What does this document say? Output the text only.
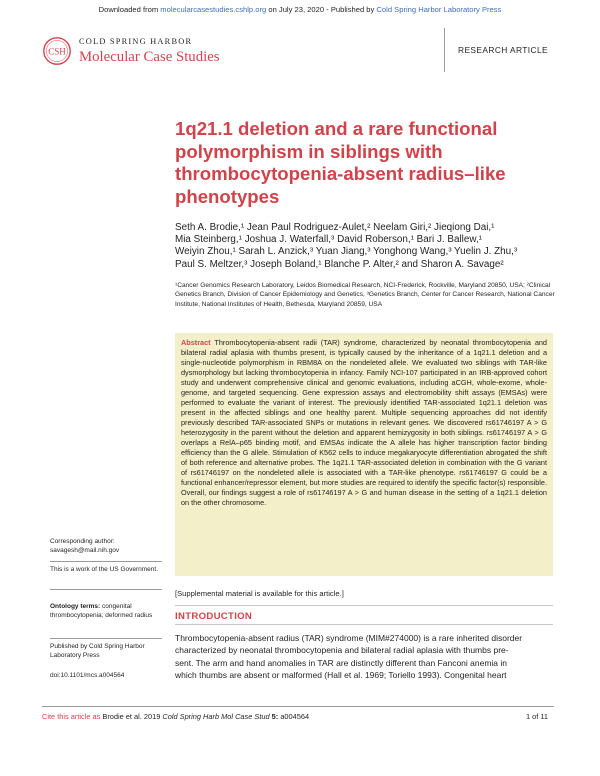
Downloaded from molecularcasestudies.cshlp.org on July 23, 2020 - Published by Cold Spring Harbor Laboratory Press
CSH
COLD SPRING HARBOR
Molecular Case Studies	RESEARCH ARTICLE
1q21.1 deletion and a rare functional polymorphism in siblings with thrombocytopenia-absent radius–like phenotypes
Seth A. Brodie,¹ Jean Paul Rodriguez-Aulet,² Neelam Giri,² Jieqiong Dai,¹
Mia Steinberg,¹ Joshua J. Waterfall,³ David Roberson,¹ Bari J. Ballew,¹
Weiyin Zhou,¹ Sarah L. Anzick,³ Yuan Jiang,³ Yonghong Wang,³ Yuelin J. Zhu,³
Paul S. Meltzer,³ Joseph Boland,¹ Blanche P. Alter,² and Sharon A. Savage²
¹Cancer Genomics Research Laboratory, Leidos Biomedical Research, NCI-Frederick, Rockville, Maryland 20850, USA; ²Clinical Genetics Branch, Division of Cancer Epidemiology and Genetics, ³Genetics Branch, Center for Cancer Research, National Cancer Institute, National Institutes of Health, Bethesda, Maryland 20859, USA
Abstract Thrombocytopenia-absent radii (TAR) syndrome, characterized by neonatal thrombocytopenia and bilateral radial aplasia with thumbs present, is typically caused by the inheritance of a 1q21.1 deletion and a single-nucleotide polymorphism in RBM8A on the nondeleted allele. We evaluated two siblings with TAR-like dysmorphology but lacking thrombocytopenia in infancy. Family NCI-107 participated in an IRB-approved cohort study and underwent comprehensive clinical and genomic evaluations, including aCGH, whole-exome, whole-genome, and targeted sequencing. Gene expression assays and electromobility shift assays (EMSAs) were performed to evaluate the variant of interest. The previously identified TAR-associated 1q21.1 deletion was present in the affected siblings and one healthy parent. Multiple sequencing approaches did not identify previously described TAR-associated SNPs or mutations in relevant genes. We discovered rs61746197 A > G heterozygosity in the parent without the deletion and apparent hemizygosity in both siblings. rs61746197 A > G overlaps a RelA–p65 binding motif, and EMSAs indicate the A allele has higher transcription factor binding efficiency than the G allele. Stimulation of K562 cells to induce megakaryocyte differentiation abrogated the shift of both reference and alternative probes. The 1q21.1 TAR-associated deletion in combination with the G variant of rs61746197 on the nondeleted allele is associated with a TAR-like phenotype. rs61746197 G could be a functional enhancer/repressor element, but more studies are required to identify the specific factor(s) responsible. Overall, our findings suggest a role of rs61746197 A > G and human disease in the setting of a 1q21.1 deletion on the other chromosome.
Corresponding author:
savagesh@mail.nih.gov
This is a work of the US Government.
Ontology terms: congenital thrombocytopenia; deformed radius
Published by Cold Spring Harbor Laboratory Press
doi:10.1101/mcs.a004564
[Supplemental material is available for this article.]
INTRODUCTION
Thrombocytopenia-absent radius (TAR) syndrome (MIM#274000) is a rare inherited disorder
characterized by neonatal thrombocytopenia and bilateral radial aplasia with thumbs pre-
sent. The arm and hand anomalies in TAR are distinctly different than Fanconi anemia in
which thumbs are absent or malformed (Hall et al. 1969; Toriello 1993). Congenital heart
Cite this article as Brodie et al. 2019 Cold Spring Harb Mol Case Stud 5: a004564	1 of 11
